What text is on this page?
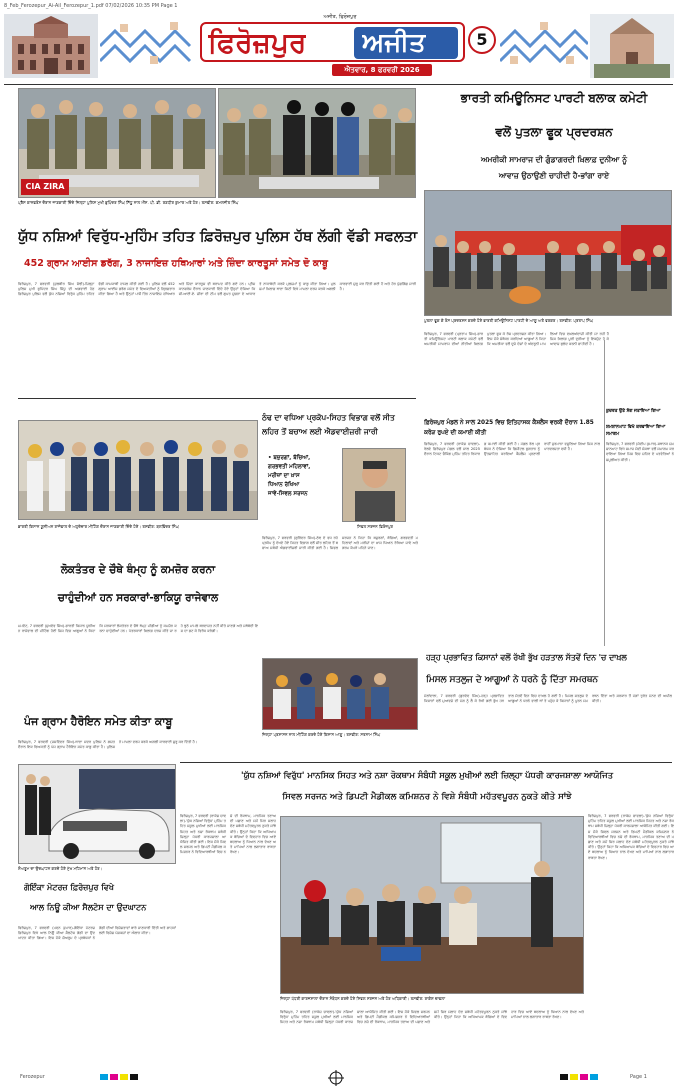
8_Feb_Ferozepur_Ai-Ail_Ferozepur_1.pdf 07/02/2026 10:35 PM Page 1
ਅਜੀਤ, ਫਿਰੋਜ਼ਪੁਰ
ਫਿਰੋਜ਼ਪੁਰ ਅਜੀਤ
ਐਤਵਾਰ, 8 ਫਰਵਰੀ 2026
5
CIA ZIRA
ਪ੍ਰੈਸ ਕਾਨਫਰੰਸ ਦੌਰਾਨ ਜਾਣਕਾਰੀ ਦਿੰਦੇ ਜ਼ਿਲ੍ਹਾ ਪੁਲਿਸ ਮੁਖੀ ਭੁਪਿੰਦਰ ਸਿੰਘ ਸਿੱਧੂ ਨਾਲ ਐੱਸ. ਪੀ. ਡੀ. ਰਣਧੀਰ ਕੁਮਾਰ ਅਤੇ ਹੋਰ। ਤਸਵੀਰ: ਕਮਲਜੀਤ ਸਿੰਘ
ਯੁੱਧ ਨਸ਼ਿਆਂ ਵਿਰੁੱਧ-ਮੁਹਿੰਮ ਤਹਿਤ ਫ਼ਿਰੋਜ਼ਪੁਰ ਪੁਲਿਸ ਹੱਥ ਲੱਗੀ ਵੱਡੀ ਸਫਲਤਾ
452 ਗ੍ਰਾਮ ਆਈਸ ਡਰੱਗ, 3 ਨਾਜਾਇਜ਼ ਹਥਿਆਰਾਂ ਅਤੇ ਜ਼ਿੰਦਾ ਕਾਰਤੂਸਾਂ ਸਮੇਤ ਦੋ ਕਾਬੂ
ਫਿਰੋਜ਼ਪੁਰ, 7 ਫਰਵਰੀ (ਕੁਲਬੀਰ ਸਿੰਘ ਸੋਢੀ)-ਜ਼ਿਲ੍ਹਾ ਪੁਲਿਸ ਮੁਖੀ ਭੁਪਿੰਦਰ ਸਿੰਘ ਸਿੱਧੂ ਦੀ ਅਗਵਾਈ ਹੇਠ ਫ਼ਿਰੋਜ਼ਪੁਰ ਪੁਲਿਸ ਵਲੋਂ ਯੁੱਧ ਨਸ਼ਿਆਂ ਵਿਰੁੱਧ ਮੁਹਿੰਮ ਤਹਿਤ ਵੱਡੀ ਕਾਮਯਾਬੀ ਹਾਸਲ ਕੀਤੀ ਗਈ ਹੈ। ਪੁਲਿਸ ਵਲੋਂ 452 ਗ੍ਰਾਮ ਆਈਸ ਡਰੱਗ ਸਮੇਤ ਦੋ ਵਿਅਕਤੀਆਂ ਨੂੰ ਗ੍ਰਿਫ਼ਤਾਰ ਕੀਤਾ ਗਿਆ ਹੈ ਅਤੇ ਉਨ੍ਹਾਂ ਪਾਸੋਂ ਤਿੰਨ ਨਾਜਾਇਜ਼ ਹਥਿਆਰ ਅਤੇ ਜ਼ਿੰਦਾ ਕਾਰਤੂਸ ਵੀ ਬਰਾਮਦ ਕੀਤੇ ਗਏ ਹਨ। ਪ੍ਰੈਸ ਕਾਨਫਰੰਸ ਦੌਰਾਨ ਜਾਣਕਾਰੀ ਦਿੰਦੇ ਹੋਏ ਉਨ੍ਹਾਂ ਦੱਸਿਆ ਕਿ ਸੀ.ਆਈ.ਏ. ਜ਼ੀਰਾ ਦੀ ਟੀਮ ਵਲੋਂ ਗੁਪਤ ਸੂਚਨਾ ਦੇ ਆਧਾਰ ਤੇ ਨਾਕਾਬੰਦੀ ਕਰਕੇ ਮੁਲਜ਼ਮਾਂ ਨੂੰ ਕਾਬੂ ਕੀਤਾ ਗਿਆ। ਮੁਲਜ਼ਮਾਂ ਖ਼ਿਲਾਫ਼ ਥਾਣਾ ਸਿਟੀ ਵਿਖੇ ਮਾਮਲਾ ਦਰਜ ਕਰਕੇ ਅਗਲੀ ਕਾਰਵਾਈ ਸ਼ੁਰੂ ਕਰ ਦਿੱਤੀ ਗਈ ਹੈ ਅਤੇ ਹੋਰ ਪੁੱਛਗਿੱਛ ਜਾਰੀ ਹੈ।
ਭਾਰਤੀ ਕਮਿਊਨਿਸਟ ਪਾਰਟੀ ਬਲਾਕ ਕਮੇਟੀ
ਵਲੋਂ ਪੁਤਲਾ ਫੂਕ ਪ੍ਰਦਰਸ਼ਨ
ਅਮਰੀਕੀ ਸਾਮਰਾਜ ਦੀ ਗੁੰਡਾਗਰਦੀ ਖ਼ਿਲਾਫ਼ ਦੁਨੀਆ ਨੂੰ
ਆਵਾਜ਼ ਉਠਾਉਣੀ ਚਾਹੀਦੀ ਹੈ-ਭਾਂਗਾ ਰਾਏ
ਪੁਤਲਾ ਫੂਕ ਕੇ ਰੋਸ ਪ੍ਰਦਰਸ਼ਨ ਕਰਦੇ ਹੋਏ ਭਾਰਤੀ ਕਮਿਊਨਿਸਟ ਪਾਰਟੀ ਦੇ ਆਗੂ ਅਤੇ ਵਰਕਰ। ਤਸਵੀਰ: ਪ੍ਰਤਾਪ ਸਿੰਘ
ਫਿਰੋਜ਼ਪੁਰ, 7 ਫਰਵਰੀ (ਪ੍ਰਤਾਪ ਸਿੰਘ)-ਭਾਰਤੀ ਕਮਿਊਨਿਸਟ ਪਾਰਟੀ ਬਲਾਕ ਕਮੇਟੀ ਵਲੋਂ ਅਮਰੀਕੀ ਸਾਮਰਾਜ ਦੀਆਂ ਨੀਤੀਆਂ ਖ਼ਿਲਾਫ਼ ਪੁਤਲਾ ਫੂਕ ਕੇ ਰੋਸ ਪ੍ਰਦਰਸ਼ਨ ਕੀਤਾ ਗਿਆ। ਇਸ ਮੌਕੇ ਸੰਬੋਧਨ ਕਰਦਿਆਂ ਆਗੂਆਂ ਨੇ ਕਿਹਾ ਕਿ ਅਮਰੀਕਾ ਵਲੋਂ ਦੂਜੇ ਦੇਸ਼ਾਂ ਦੇ ਅੰਦਰੂਨੀ ਮਾਮਲਿਆਂ ਵਿਚ ਦਖ਼ਲਅੰਦਾਜ਼ੀ ਕੀਤੀ ਜਾ ਰਹੀ ਹੈ ਜਿਸ ਖ਼ਿਲਾਫ਼ ਪੂਰੀ ਦੁਨੀਆ ਨੂੰ ਇਕਜੁੱਟ ਹੋ ਕੇ ਆਵਾਜ਼ ਬੁਲੰਦ ਕਰਨੀ ਚਾਹੀਦੀ ਹੈ।
ਠੰਢ ਦਾ ਵਧਿਆ ਪ੍ਰਕੋਪ-ਸਿਹਤ ਵਿਭਾਗ ਵਲੋਂ ਸੀਤ
ਲਹਿਰ ਤੋਂ ਬਚਾਅ ਲਈ ਐਡਵਾਈਜ਼ਰੀ ਜਾਰੀ
• ਬਜ਼ੁਰਗਾਂ, ਬੱਚਿਆਂ,
ਗਰਭਵਤੀ ਮਹਿਲਾਵਾਂ,
ਮਰੀਜ਼ਾਂ ਦਾ ਖ਼ਾਸ
ਧਿਆਨ ਰੱਖਿਆ
ਜਾਵੇ-ਸਿਵਲ ਸਰਜਨ
ਸਿਵਲ ਸਰਜਨ ਫ਼ਿਰੋਜ਼ਪੁਰ
ਫਿਰੋਜ਼ਪੁਰ, 7 ਫਰਵਰੀ (ਗੁਰਿੰਦਰ ਸਿੰਘ)-ਠੰਢ ਦੇ ਵਧ ਰਹੇ ਪ੍ਰਕੋਪ ਨੂੰ ਦੇਖਦੇ ਹੋਏ ਸਿਹਤ ਵਿਭਾਗ ਵਲੋਂ ਸੀਤ ਲਹਿਰ ਤੋਂ ਬਚਾਅ ਸਬੰਧੀ ਐਡਵਾਈਜ਼ਰੀ ਜਾਰੀ ਕੀਤੀ ਗਈ ਹੈ। ਸਿਵਲ ਸਰਜਨ ਨੇ ਕਿਹਾ ਕਿ ਬਜ਼ੁਰਗਾਂ, ਬੱਚਿਆਂ, ਗਰਭਵਤੀ ਮਹਿਲਾਵਾਂ ਅਤੇ ਮਰੀਜ਼ਾਂ ਦਾ ਖ਼ਾਸ ਧਿਆਨ ਰੱਖਿਆ ਜਾਵੇ ਅਤੇ ਗਰਮ ਕੱਪੜੇ ਪਹਿਨੇ ਜਾਣ।
ਭਾਰਤੀ ਕਿਸਾਨ ਯੂਨੀਅਨ ਰਾਜੇਵਾਲ ਦੇ ਅਹੁਦੇਦਾਰ ਮੀਟਿੰਗ ਦੌਰਾਨ ਜਾਣਕਾਰੀ ਦਿੰਦੇ ਹੋਏ। ਤਸਵੀਰ: ਬਲਵਿੰਦਰ ਸਿੰਘ
ਲੋਕਤੰਤਰ ਦੇ ਚੌਥੇ ਥੰਮ੍ਹ ਨੂੰ ਕਮਜ਼ੋਰ ਕਰਨਾ
ਚਾਹੁੰਦੀਆਂ ਹਨ ਸਰਕਾਰਾਂ-ਭਾਕਿਯੂ ਰਾਜੇਵਾਲ
ਮਮਦੋਟ, 7 ਫਰਵਰੀ (ਸੁਖਦੇਵ ਸਿੰਘ)-ਭਾਰਤੀ ਕਿਸਾਨ ਯੂਨੀਅਨ ਰਾਜੇਵਾਲ ਦੀ ਮੀਟਿੰਗ ਹੋਈ ਜਿਸ ਵਿਚ ਆਗੂਆਂ ਨੇ ਕਿਹਾ ਕਿ ਸਰਕਾਰਾਂ ਲੋਕਤੰਤਰ ਦੇ ਚੌਥੇ ਥੰਮ੍ਹ ਮੀਡੀਆ ਨੂੰ ਕਮਜ਼ੋਰ ਕਰਨਾ ਚਾਹੁੰਦੀਆਂ ਹਨ। ਪੱਤਰਕਾਰਾਂ ਖ਼ਿਲਾਫ਼ ਦਰਜ ਕੀਤੇ ਜਾ ਰਹੇ ਝੂਠੇ ਮਾਮਲੇ ਬਰਦਾਸ਼ਤ ਨਹੀਂ ਕੀਤੇ ਜਾਣਗੇ ਅਤੇ ਜਥੇਬੰਦੀ ਇਸ ਦਾ ਡਟ ਕੇ ਵਿਰੋਧ ਕਰੇਗੀ।
ਪੰਜ ਗ੍ਰਾਮ ਹੈਰੋਇਨ ਸਮੇਤ ਕੀਤਾ ਕਾਬੂ
ਫਿਰੋਜ਼ਪੁਰ, 7 ਫਰਵਰੀ (ਜਸਵਿੰਦਰ ਸਿੰਘ)-ਥਾਣਾ ਸਦਰ ਪੁਲਿਸ ਨੇ ਗਸ਼ਤ ਦੌਰਾਨ ਇਕ ਵਿਅਕਤੀ ਨੂੰ ਪੰਜ ਗ੍ਰਾਮ ਹੈਰੋਇਨ ਸਮੇਤ ਕਾਬੂ ਕੀਤਾ ਹੈ। ਪੁਲਿਸ ਨੇ ਮਾਮਲਾ ਦਰਜ ਕਰਕੇ ਅਗਲੀ ਕਾਰਵਾਈ ਸ਼ੁਰੂ ਕਰ ਦਿੱਤੀ ਹੈ।
ਜ਼ਿਲ੍ਹਾ ਪ੍ਰਸ਼ਾਸਨ ਨਾਲ ਮੀਟਿੰਗ ਕਰਦੇ ਹੋਏ ਕਿਸਾਨ ਆਗੂ। ਤਸਵੀਰ: ਸਤਨਾਮ ਸਿੰਘ
ਹੜ੍ਹ ਪ੍ਰਭਾਵਿਤ ਕਿਸਾਨਾਂ ਵਲੋਂ ਰੱਖੀ ਭੁੱਖ ਹੜਤਾਲ ਸੱਤਵੇਂ ਦਿਨ 'ਚ ਦਾਖ਼ਲ
ਮਿਸਲ ਸਤਲੁਜ ਦੇ ਆਗੂਆਂ ਨੇ ਧਰਨੇ ਨੂੰ ਦਿੱਤਾ ਸਮਰਥਨ
ਮੱਲਾਂਵਾਲਾ, 7 ਫਰਵਰੀ (ਗੁਰਦੇਵ ਸਿੰਘ)-ਹੜ੍ਹ ਪ੍ਰਭਾਵਿਤ ਕਿਸਾਨਾਂ ਵਲੋਂ ਮੁਆਵਜ਼ੇ ਦੀ ਮੰਗ ਨੂੰ ਲੈ ਕੇ ਰੱਖੀ ਗਈ ਭੁੱਖ ਹੜਤਾਲ ਸੱਤਵੇਂ ਦਿਨ ਵਿਚ ਦਾਖ਼ਲ ਹੋ ਗਈ ਹੈ। ਮਿਸਲ ਸਤਲੁਜ ਦੇ ਆਗੂਆਂ ਨੇ ਧਰਨੇ ਵਾਲੀ ਥਾਂ ਤੇ ਪਹੁੰਚ ਕੇ ਕਿਸਾਨਾਂ ਨੂੰ ਪੂਰਨ ਸਮਰਥਨ ਦਿੱਤਾ ਅਤੇ ਸਰਕਾਰ ਤੋਂ ਮੰਗਾਂ ਤੁਰੰਤ ਮੰਨਣ ਦੀ ਅਪੀਲ ਕੀਤੀ।
ਫ਼ਿਰੋਜ਼ਪੁਰ ਮੰਡਲ ਨੇ ਸਾਲ 2025 ਵਿਚ ਇਤਿਹਾਸਕ ਕੈਸ਼ਲੈਸ ਵਰਕੀ ਦੌਰਾਨ 1.85 ਕਰੋੜ ਰੁਪਏ ਦੀ ਕਮਾਈ ਕੀਤੀ
ਫ਼ਿਰੋਜ਼ਪੁਰ, 7 ਫਰਵਰੀ (ਰਾਕੇਸ਼ ਚਾਵਲਾ)-ਰੇਲਵੇ ਫ਼ਿਰੋਜ਼ਪੁਰ ਮੰਡਲ ਵਲੋਂ ਸਾਲ 2025 ਦੌਰਾਨ ਟਿਕਟ ਚੈਕਿੰਗ ਮੁਹਿੰਮ ਤਹਿਤ ਰਿਕਾਰਡ ਕਮਾਈ ਕੀਤੀ ਗਈ ਹੈ। ਮੰਡਲ ਰੇਲ ਪ੍ਰਬੰਧਕ ਨੇ ਦੱਸਿਆ ਕਿ ਡਿਜੀਟਲ ਭੁਗਤਾਨ ਨੂੰ ਉਤਸ਼ਾਹਿਤ ਕਰਦਿਆਂ ਕੈਸ਼ਲੈਸ ਪ੍ਰਣਾਲੀ ਰਾਹੀਂ ਜੁਰਮਾਨਾ ਵਸੂਲਿਆ ਗਿਆ ਜਿਸ ਨਾਲ ਪਾਰਦਰਸ਼ਤਾ ਵਧੀ ਹੈ।
ਕੁਦਰਤ ਉਤੇ ਸੋਗ ਜਤਾਇਆ ਗਿਆ
ਸ਼ਮਸ਼ਾਨਘਾਟ ਵਿਖੇ ਕਰਵਾਇਆ ਗਿਆ ਸਮਾਗਮ
ਫਿਰੋਜ਼ਪੁਰ, 7 ਫਰਵਰੀ (ਸੰਦੀਪ ਕੁਮਾਰ)-ਸਥਾਨਕ ਸ਼ਮਸ਼ਾਨਘਾਟ ਵਿਖੇ ਸਮਾਜ ਸੇਵੀ ਸੰਸਥਾ ਵਲੋਂ ਸਮਾਗਮ ਕਰਵਾਇਆ ਗਿਆ ਜਿਸ ਵਿਚ ਸ਼ਹਿਰ ਦੇ ਪਤਵੰਤਿਆਂ ਨੇ ਸ਼ਮੂਲੀਅਤ ਕੀਤੀ।
ਸ਼ੋਅਰੂਮ ਦਾ ਉਦਘਾਟਨ ਕਰਦੇ ਹੋਏ ਮੁੱਖ ਮਹਿਮਾਨ ਅਤੇ ਹੋਰ।
ਗੋਇੰਕਾ ਮੋਟਰਜ਼ ਫ਼ਿਰੋਜ਼ਪੁਰ ਵਿਖੇ
ਆਲ ਨਿਊ ਕੀਆ ਸੈਲਟੋਸ ਦਾ ਉਦਘਾਟਨ
ਫਿਰੋਜ਼ਪੁਰ, 7 ਫਰਵਰੀ (ਪਵਨ ਕੁਮਾਰ)-ਗੋਇੰਕਾ ਮੋਟਰਜ਼ ਫ਼ਿਰੋਜ਼ਪੁਰ ਵਿਖੇ ਆਲ ਨਿਊ ਕੀਆ ਸੈਲਟੋਸ ਗੱਡੀ ਦਾ ਉਦਘਾਟਨ ਕੀਤਾ ਗਿਆ। ਇਸ ਮੌਕੇ ਸ਼ੋਅਰੂਮ ਦੇ ਪ੍ਰਬੰਧਕਾਂ ਨੇ ਗੱਡੀ ਦੀਆਂ ਵਿਸ਼ੇਸ਼ਤਾਵਾਂ ਬਾਰੇ ਜਾਣਕਾਰੀ ਦਿੱਤੀ ਅਤੇ ਗਾਹਕਾਂ ਲਈ ਵਿਸ਼ੇਸ਼ ਪੇਸ਼ਕਸ਼ਾਂ ਦਾ ਐਲਾਨ ਕੀਤਾ।
'ਯੁੱਧ ਨਸ਼ਿਆਂ ਵਿਰੁੱਧ' ਮਾਨਸਿਕ ਸਿਹਤ ਅਤੇ ਨਸ਼ਾ ਰੋਕਥਾਮ ਸੰਬੰਧੀ ਸਕੂਲ ਮੁਖੀਆਂ ਲਈ ਜ਼ਿਲ੍ਹਾ ਪੱਧਰੀ ਕਾਰਜਸ਼ਾਲਾ ਆਯੋਜਿਤ
ਸਿਵਲ ਸਰਜਨ ਅਤੇ ਡਿਪਟੀ ਮੈਡੀਕਲ ਕਮਿਸ਼ਨਰ ਨੇ ਵਿਸ਼ੇ ਸੰਬੰਧੀ ਮਹੱਤਵਪੂਰਨ ਨੁਕਤੇ ਕੀਤੇ ਸਾਂਝੇ
ਫਿਰੋਜ਼ਪੁਰ, 7 ਫਰਵਰੀ (ਰਾਕੇਸ਼ ਚਾਵਲਾ)-'ਯੁੱਧ ਨਸ਼ਿਆਂ ਵਿਰੁੱਧ' ਮੁਹਿੰਮ ਤਹਿਤ ਸਕੂਲ ਮੁਖੀਆਂ ਲਈ ਮਾਨਸਿਕ ਸਿਹਤ ਅਤੇ ਨਸ਼ਾ ਰੋਕਥਾਮ ਸਬੰਧੀ ਜ਼ਿਲ੍ਹਾ ਪੱਧਰੀ ਕਾਰਜਸ਼ਾਲਾ ਆਯੋਜਿਤ ਕੀਤੀ ਗਈ। ਇਸ ਮੌਕੇ ਸਿਵਲ ਸਰਜਨ ਅਤੇ ਡਿਪਟੀ ਮੈਡੀਕਲ ਕਮਿਸ਼ਨਰ ਨੇ ਵਿਦਿਆਰਥੀਆਂ ਵਿਚ ਨਸ਼ੇ ਦੀ ਰੋਕਥਾਮ, ਮਾਨਸਿਕ ਤਣਾਅ ਦੀ ਪਛਾਣ ਅਤੇ ਸਮੇਂ ਸਿਰ ਸਲਾਹ ਦੇਣ ਸਬੰਧੀ ਮਹੱਤਵਪੂਰਨ ਨੁਕਤੇ ਸਾਂਝੇ ਕੀਤੇ। ਉਨ੍ਹਾਂ ਕਿਹਾ ਕਿ ਅਧਿਆਪਕ ਬੱਚਿਆਂ ਦੇ ਵਿਵਹਾਰ ਵਿਚ ਆਏ ਬਦਲਾਅ ਨੂੰ ਧਿਆਨ ਨਾਲ ਦੇਖਣ ਅਤੇ ਮਾਪਿਆਂ ਨਾਲ ਲਗਾਤਾਰ ਰਾਬਤਾ ਰੱਖਣ।
ਜ਼ਿਲ੍ਹਾ ਪੱਧਰੀ ਕਾਰਜਸ਼ਾਲਾ ਦੌਰਾਨ ਸੰਬੋਧਨ ਕਰਦੇ ਹੋਏ ਸਿਵਲ ਸਰਜਨ ਅਤੇ ਹੋਰ ਅਧਿਕਾਰੀ। ਤਸਵੀਰ: ਰਾਕੇਸ਼ ਚਾਵਲਾ
ਫਿਰੋਜ਼ਪੁਰ, 7 ਫਰਵਰੀ (ਰਾਕੇਸ਼ ਚਾਵਲਾ)-'ਯੁੱਧ ਨਸ਼ਿਆਂ ਵਿਰੁੱਧ' ਮੁਹਿੰਮ ਤਹਿਤ ਸਕੂਲ ਮੁਖੀਆਂ ਲਈ ਮਾਨਸਿਕ ਸਿਹਤ ਅਤੇ ਨਸ਼ਾ ਰੋਕਥਾਮ ਸਬੰਧੀ ਜ਼ਿਲ੍ਹਾ ਪੱਧਰੀ ਕਾਰਜਸ਼ਾਲਾ ਆਯੋਜਿਤ ਕੀਤੀ ਗਈ। ਇਸ ਮੌਕੇ ਸਿਵਲ ਸਰਜਨ ਅਤੇ ਡਿਪਟੀ ਮੈਡੀਕਲ ਕਮਿਸ਼ਨਰ ਨੇ ਵਿਦਿਆਰਥੀਆਂ ਵਿਚ ਨਸ਼ੇ ਦੀ ਰੋਕਥਾਮ, ਮਾਨਸਿਕ ਤਣਾਅ ਦੀ ਪਛਾਣ ਅਤੇ ਸਮੇਂ ਸਿਰ ਸਲਾਹ ਦੇਣ ਸਬੰਧੀ ਮਹੱਤਵਪੂਰਨ ਨੁਕਤੇ ਸਾਂਝੇ ਕੀਤੇ। ਉਨ੍ਹਾਂ ਕਿਹਾ ਕਿ ਅਧਿਆਪਕ ਬੱਚਿਆਂ ਦੇ ਵਿਵਹਾਰ ਵਿਚ ਆਏ ਬਦਲਾਅ ਨੂੰ ਧਿਆਨ ਨਾਲ ਦੇਖਣ ਅਤੇ ਮਾਪਿਆਂ ਨਾਲ ਲਗਾਤਾਰ ਰਾਬਤਾ ਰੱਖਣ।
ਫਿਰੋਜ਼ਪੁਰ, 7 ਫਰਵਰੀ (ਰਾਕੇਸ਼ ਚਾਵਲਾ)-'ਯੁੱਧ ਨਸ਼ਿਆਂ ਵਿਰੁੱਧ' ਮੁਹਿੰਮ ਤਹਿਤ ਸਕੂਲ ਮੁਖੀਆਂ ਲਈ ਮਾਨਸਿਕ ਸਿਹਤ ਅਤੇ ਨਸ਼ਾ ਰੋਕਥਾਮ ਸਬੰਧੀ ਜ਼ਿਲ੍ਹਾ ਪੱਧਰੀ ਕਾਰਜਸ਼ਾਲਾ ਆਯੋਜਿਤ ਕੀਤੀ ਗਈ। ਇਸ ਮੌਕੇ ਸਿਵਲ ਸਰਜਨ ਅਤੇ ਡਿਪਟੀ ਮੈਡੀਕਲ ਕਮਿਸ਼ਨਰ ਨੇ ਵਿਦਿਆਰਥੀਆਂ ਵਿਚ ਨਸ਼ੇ ਦੀ ਰੋਕਥਾਮ, ਮਾਨਸਿਕ ਤਣਾਅ ਦੀ ਪਛਾਣ ਅਤੇ ਸਮੇਂ ਸਿਰ ਸਲਾਹ ਦੇਣ ਸਬੰਧੀ ਮਹੱਤਵਪੂਰਨ ਨੁਕਤੇ ਸਾਂਝੇ ਕੀਤੇ। ਉਨ੍ਹਾਂ ਕਿਹਾ ਕਿ ਅਧਿਆਪਕ ਬੱਚਿਆਂ ਦੇ ਵਿਵਹਾਰ ਵਿਚ ਆਏ ਬਦਲਾਅ ਨੂੰ ਧਿਆਨ ਨਾਲ ਦੇਖਣ ਅਤੇ ਮਾਪਿਆਂ ਨਾਲ ਲਗਾਤਾਰ ਰਾਬਤਾ ਰੱਖਣ।
Ferozepur	Page 1
